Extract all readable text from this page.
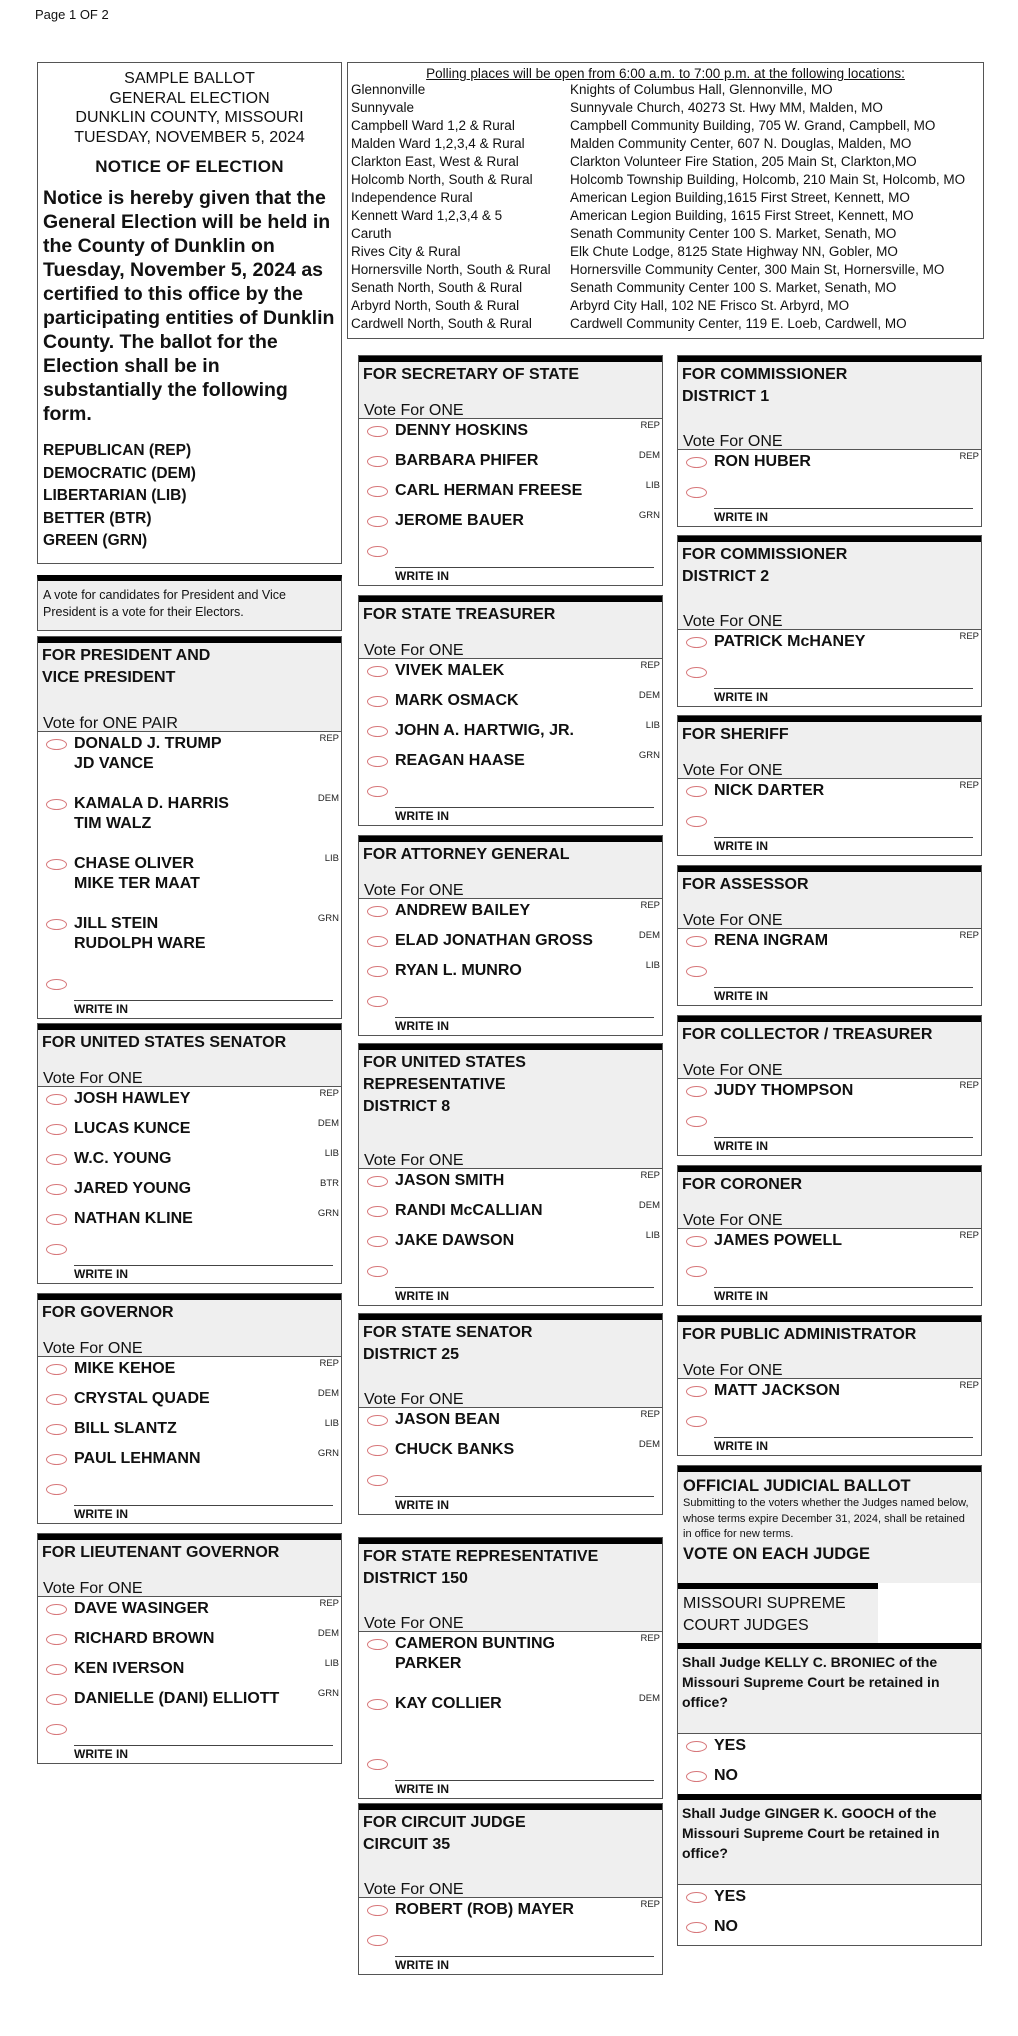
Page 1 OF 2
SAMPLE BALLOT
GENERAL ELECTION
DUNKLIN COUNTY, MISSOURI
TUESDAY, NOVEMBER 5, 2024
NOTICE OF ELECTION
Notice is hereby given that the General Election will be held in the County of Dunklin on Tuesday, November 5, 2024 as certified to this office by the participating entities of Dunklin County. The ballot for the Election shall be in substantially the following form.
REPUBLICAN (REP)
DEMOCRATIC (DEM)
LIBERTARIAN (LIB)
BETTER (BTR)
GREEN (GRN)
Polling places will be open from 6:00 a.m. to 7:00 p.m. at the following locations:
Glennonville	Knights of Columbus Hall, Glennonville, MO
Sunnyvale	Sunnyvale Church, 40273 St. Hwy MM, Malden, MO
Campbell Ward 1,2 & Rural	Campbell Community Building, 705 W. Grand, Campbell, MO
Malden Ward 1,2,3,4 & Rural	Malden Community Center, 607 N. Douglas, Malden, MO
Clarkton East, West & Rural	Clarkton Volunteer Fire Station, 205 Main St, Clarkton,MO
Holcomb North, South & Rural	Holcomb Township Building, Holcomb, 210 Main St, Holcomb, MO
Independence Rural	American Legion Building,1615 First Street, Kennett, MO
Kennett Ward 1,2,3,4 & 5	American Legion Building, 1615 First Street, Kennett, MO
Caruth	Senath Community Center 100 S. Market, Senath, MO
Rives City & Rural	Elk Chute Lodge, 8125 State Highway NN, Gobler, MO
Hornersville North, South & Rural	Hornersville Community Center, 300 Main St, Hornersville, MO
Senath North, South & Rural	Senath Community Center 100 S. Market, Senath, MO
Arbyrd North, South & Rural	Arbyrd City Hall, 102 NE Frisco St. Arbyrd, MO
Cardwell North, South & Rural	Cardwell Community Center, 119 E. Loeb, Cardwell, MO
A vote for candidates for President and Vice President is a vote for their Electors.
FOR PRESIDENT AND VICE PRESIDENT
Vote for ONE PAIR
DONALD J. TRUMP
JD VANCE
REP
KAMALA D. HARRIS
TIM WALZ
DEM
CHASE OLIVER
MIKE TER MAAT
LIB
JILL STEIN
RUDOLPH WARE
GRN
WRITE IN
FOR UNITED STATES SENATOR
Vote For ONE
JOSH HAWLEY	REP
LUCAS KUNCE	DEM
W.C. YOUNG	LIB
JARED YOUNG	BTR
NATHAN KLINE	GRN
WRITE IN
FOR GOVERNOR
Vote For ONE
MIKE KEHOE	REP
CRYSTAL QUADE	DEM
BILL SLANTZ	LIB
PAUL LEHMANN	GRN
WRITE IN
FOR LIEUTENANT GOVERNOR
Vote For ONE
DAVE WASINGER	REP
RICHARD BROWN	DEM
KEN IVERSON	LIB
DANIELLE (DANI) ELLIOTT	GRN
WRITE IN
FOR SECRETARY OF STATE
Vote For ONE
DENNY HOSKINS	REP
BARBARA PHIFER	DEM
CARL HERMAN FREESE	LIB
JEROME BAUER	GRN
WRITE IN
FOR STATE TREASURER
Vote For ONE
VIVEK MALEK	REP
MARK OSMACK	DEM
JOHN A. HARTWIG, JR.	LIB
REAGAN HAASE	GRN
WRITE IN
FOR ATTORNEY GENERAL
Vote For ONE
ANDREW BAILEY	REP
ELAD JONATHAN GROSS	DEM
RYAN L. MUNRO	LIB
WRITE IN
FOR UNITED STATES
REPRESENTATIVE
DISTRICT 8
Vote For ONE
JASON SMITH	REP
RANDI McCALLIAN	DEM
JAKE DAWSON	LIB
WRITE IN
FOR STATE SENATOR
DISTRICT 25
Vote For ONE
JASON BEAN	REP
CHUCK BANKS	DEM
WRITE IN
FOR STATE REPRESENTATIVE
DISTRICT 150
Vote For ONE
CAMERON BUNTING
PARKER
REP
KAY COLLIER	DEM
WRITE IN
FOR CIRCUIT JUDGE
CIRCUIT 35
Vote For ONE
ROBERT (ROB) MAYER	REP
WRITE IN
FOR COMMISSIONER
DISTRICT 1
Vote For ONE
RON HUBER	REP
WRITE IN
FOR COMMISSIONER
DISTRICT 2
Vote For ONE
PATRICK McHANEY	REP
WRITE IN
FOR SHERIFF
Vote For ONE
NICK DARTER	REP
WRITE IN
FOR ASSESSOR
Vote For ONE
RENA INGRAM	REP
WRITE IN
FOR COLLECTOR / TREASURER
Vote For ONE
JUDY THOMPSON	REP
WRITE IN
FOR CORONER
Vote For ONE
JAMES POWELL	REP
WRITE IN
FOR PUBLIC ADMINISTRATOR
Vote For ONE
MATT JACKSON	REP
WRITE IN
OFFICIAL JUDICIAL BALLOT
Submitting to the voters whether the Judges named below, whose terms expire December 31, 2024, shall be retained in office for new terms.
VOTE ON EACH JUDGE
MISSOURI SUPREME COURT JUDGES
Shall Judge KELLY C. BRONIEC of the Missouri Supreme Court be retained in office?
YES
NO
Shall Judge GINGER K. GOOCH of the Missouri Supreme Court be retained in office?
YES
NO
